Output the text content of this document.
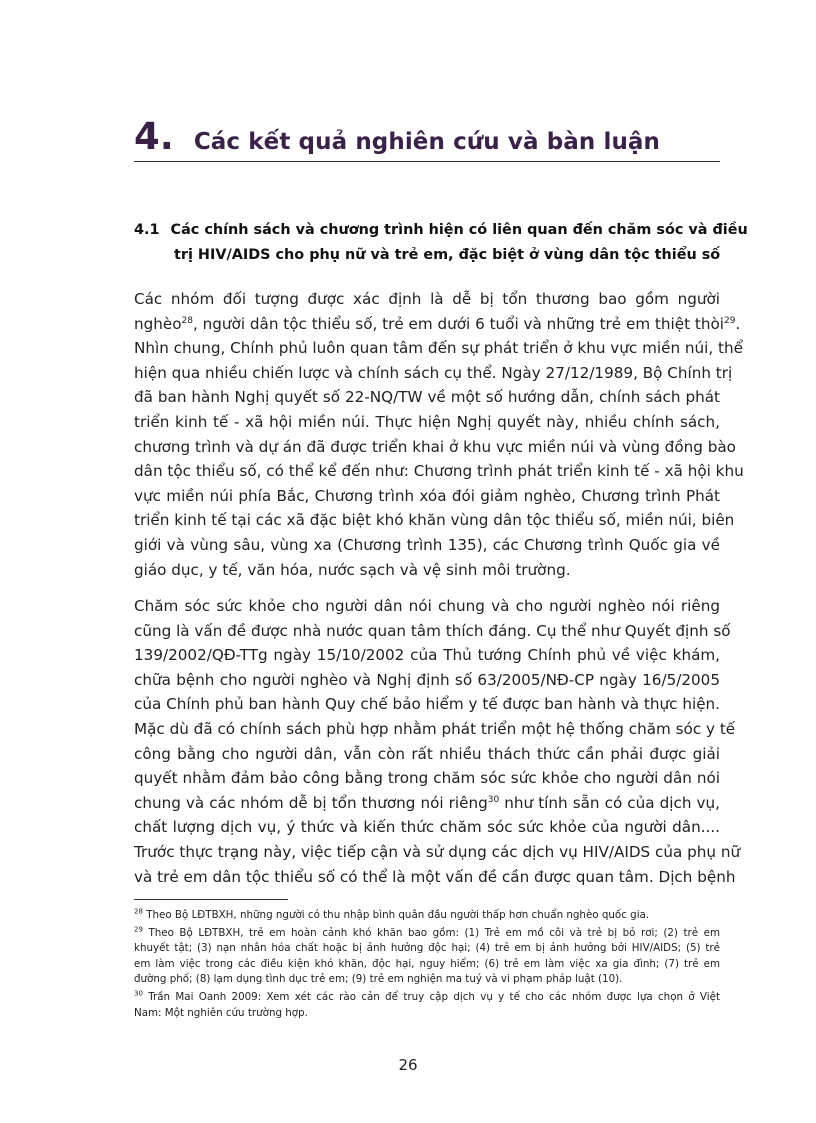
4. Các kết quả nghiên cứu và bàn luận
4.1 Các chính sách và chương trình hiện có liên quan đến chăm sóc và điều
trị HIV/AIDS cho phụ nữ và trẻ em, đặc biệt ở vùng dân tộc thiểu số
Các nhóm đối tượng được xác định là dễ bị tổn thương bao gồm người
nghèo$^{28}$, người dân tộc thiểu số, trẻ em dưới 6 tuổi và những trẻ em thiệt thòi$^{29}$.
Nhìn chung, Chính phủ luôn quan tâm đến sự phát triển ở khu vực miền núi, thể
hiện qua nhiều chiến lược và chính sách cụ thể. Ngày 27/12/1989, Bộ Chính trị
đã ban hành Nghị quyết số 22-NQ/TW về một số hướng dẫn, chính sách phát
triển kinh tế - xã hội miền núi. Thực hiện Nghị quyết này, nhiều chính sách,
chương trình và dự án đã được triển khai ở khu vực miền núi và vùng đồng bào
dân tộc thiểu số, có thể kể đến như: Chương trình phát triển kinh tế - xã hội khu
vực miền núi phía Bắc, Chương trình xóa đói giảm nghèo, Chương trình Phát
triển kinh tế tại các xã đặc biệt khó khăn vùng dân tộc thiểu số, miền núi, biên
giới và vùng sâu, vùng xa (Chương trình 135), các Chương trình Quốc gia về
giáo dục, y tế, văn hóa, nước sạch và vệ sinh môi trường.
Chăm sóc sức khỏe cho người dân nói chung và cho người nghèo nói riêng
cũng là vấn đề được nhà nước quan tâm thích đáng. Cụ thể như Quyết định số
139/2002/QĐ-TTg ngày 15/10/2002 của Thủ tướng Chính phủ về việc khám,
chữa bệnh cho người nghèo và Nghị định số 63/2005/NĐ-CP ngày 16/5/2005
của Chính phủ ban hành Quy chế bảo hiểm y tế được ban hành và thực hiện.
Mặc dù đã có chính sách phù hợp nhằm phát triển một hệ thống chăm sóc y tế
công bằng cho người dân, vẫn còn rất nhiều thách thức cần phải được giải
quyết nhằm đảm bảo công bằng trong chăm sóc sức khỏe cho người dân nói
chung và các nhóm dễ bị tổn thương nói riêng$^{30}$ như tính sẵn có của dịch vụ,
chất lượng dịch vụ, ý thức và kiến thức chăm sóc sức khỏe của người dân....
Trước thực trạng này, việc tiếp cận và sử dụng các dịch vụ HIV/AIDS của phụ nữ
và trẻ em dân tộc thiểu số có thể là một vấn đề cần được quan tâm. Dịch bệnh
$^{28}$ Theo Bộ LĐTBXH, những người có thu nhập bình quân đầu người thấp hơn chuẩn nghèo quốc gia.
$^{29}$ Theo Bộ LĐTBXH, trẻ em hoàn cảnh khó khăn bao gồm: (1) Trẻ em mồ côi và trẻ bị bỏ rơi; (2) trẻ em
khuyết tật; (3) nạn nhân hóa chất hoặc bị ảnh hưởng độc hại; (4) trẻ em bị ảnh hưởng bởi HIV/AIDS; (5) trẻ
em làm việc trong các điều kiện khó khăn, độc hại, nguy hiểm; (6) trẻ em làm việc xa gia đình; (7) trẻ em
đường phố; (8) lạm dụng tình dục trẻ em; (9) trẻ em nghiện ma tuý và vi phạm pháp luật (10).
$^{30}$ Trần Mai Oanh 2009: Xem xét các rào cản để truy cập dịch vụ y tế cho các nhóm được lựa chọn ở Việt
Nam: Một nghiên cứu trường hợp.
26
